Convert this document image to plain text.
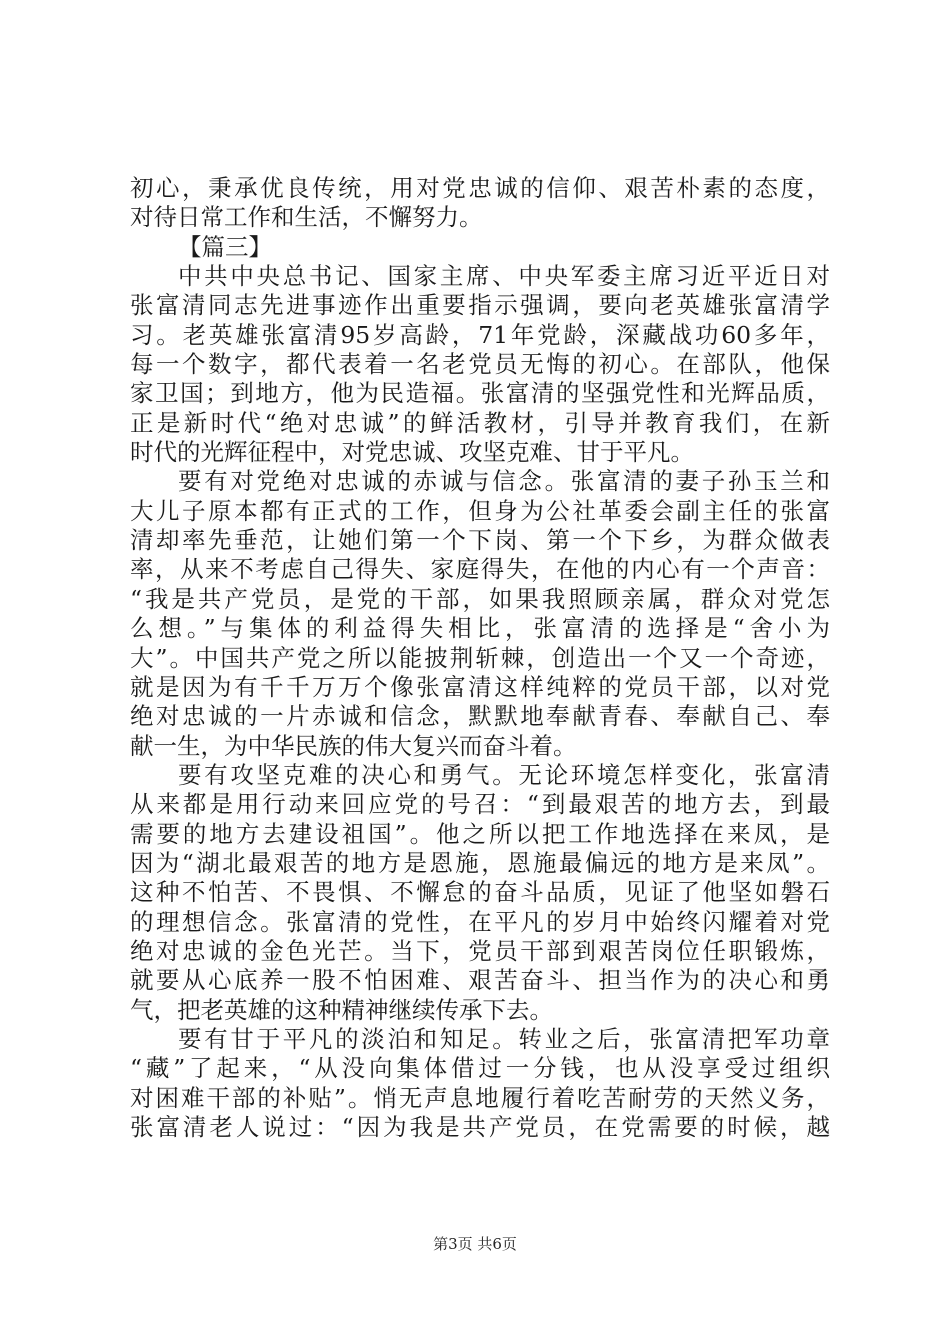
初心，秉承优良传统，用对党忠诚的信仰、艰苦朴素的态度，
对待日常工作和生活，不懈努力。
【篇三】
中共中央总书记、国家主席、中央军委主席习近平近日对
张富清同志先进事迹作出重要指示强调，要向老英雄张富清学
习。老英雄张富清95岁高龄，71年党龄，深藏战功60多年，
每一个数字，都代表着一名老党员无悔的初心。在部队，他保
家卫国；到地方，他为民造福。张富清的坚强党性和光辉品质，
正是新时代“绝对忠诚”的鲜活教材，引导并教育我们，在新
时代的光辉征程中，对党忠诚、攻坚克难、甘于平凡。
要有对党绝对忠诚的赤诚与信念。张富清的妻子孙玉兰和
大儿子原本都有正式的工作，但身为公社革委会副主任的张富
清却率先垂范，让她们第一个下岗、第一个下乡，为群众做表
率，从来不考虑自己得失、家庭得失，在他的内心有一个声音：
“我是共产党员，是党的干部，如果我照顾亲属，群众对党怎
么想。”与集体的利益得失相比，张富清的选择是“舍小为
大”。中国共产党之所以能披荆斩棘，创造出一个又一个奇迹，
就是因为有千千万万个像张富清这样纯粹的党员干部，以对党
绝对忠诚的一片赤诚和信念，默默地奉献青春、奉献自己、奉
献一生，为中华民族的伟大复兴而奋斗着。
要有攻坚克难的决心和勇气。无论环境怎样变化，张富清
从来都是用行动来回应党的号召：“到最艰苦的地方去，到最
需要的地方去建设祖国”。他之所以把工作地选择在来凤，是
因为“湖北最艰苦的地方是恩施，恩施最偏远的地方是来凤”。
这种不怕苦、不畏惧、不懈怠的奋斗品质，见证了他坚如磐石
的理想信念。张富清的党性，在平凡的岁月中始终闪耀着对党
绝对忠诚的金色光芒。当下，党员干部到艰苦岗位任职锻炼，
就要从心底养一股不怕困难、艰苦奋斗、担当作为的决心和勇
气，把老英雄的这种精神继续传承下去。
要有甘于平凡的淡泊和知足。转业之后，张富清把军功章
“藏”了起来，“从没向集体借过一分钱，也从没享受过组织
对困难干部的补贴”。悄无声息地履行着吃苦耐劳的天然义务，
张富清老人说过：“因为我是共产党员，在党需要的时候，越
第3页 共6页
